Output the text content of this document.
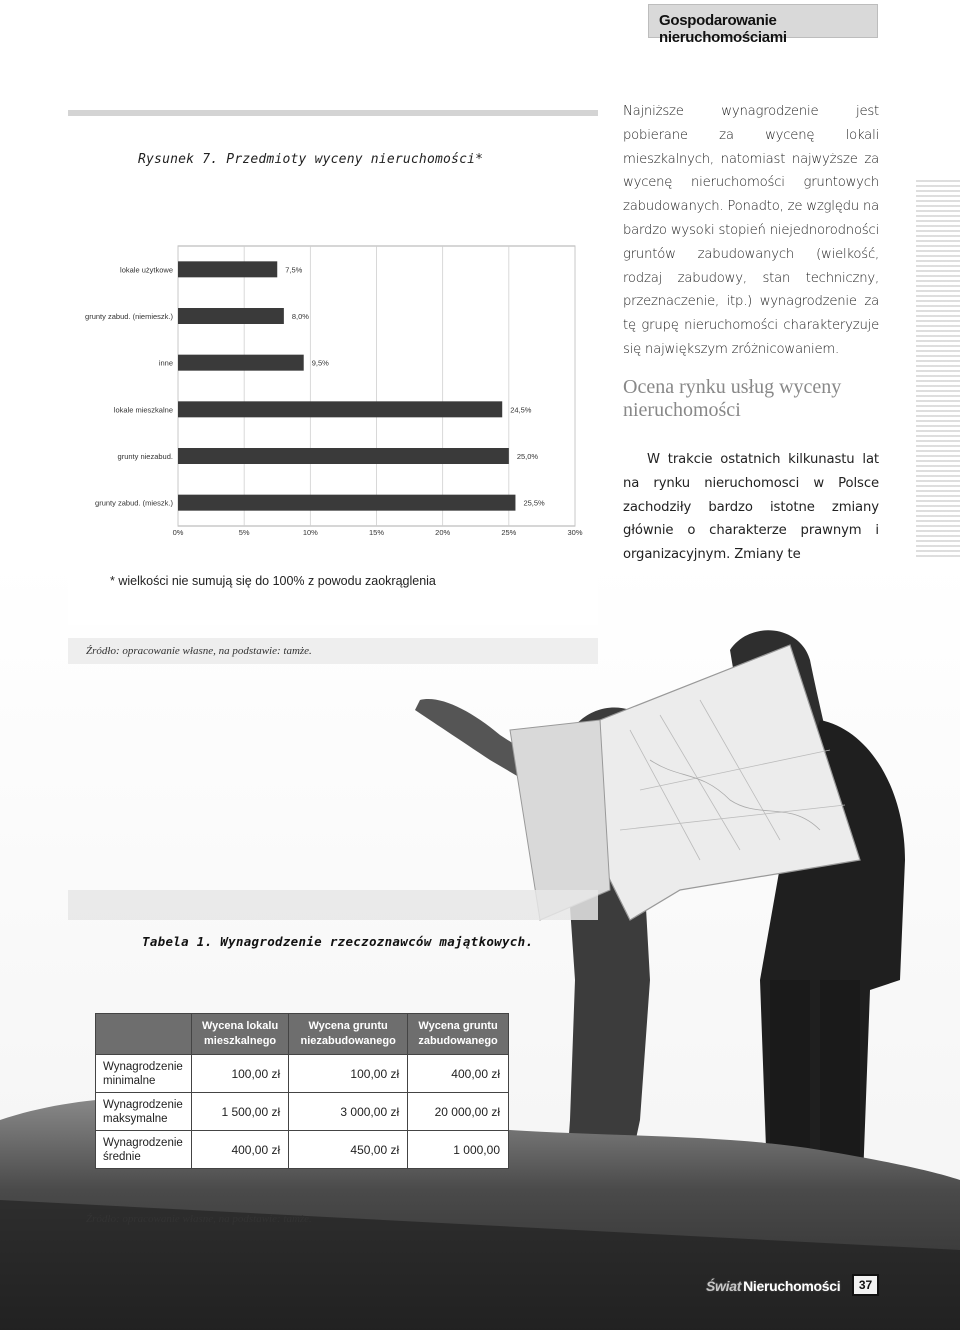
Gospodarowanie nieruchomościami
Rysunek 7. Przedmioty wyceny nieruchomości*
lokale użytkowe
grunty zabud. (niemieszk.)
inne
lokale mieszkalne
grunty niezabud.
grunty zabud. (mieszk.)
7,5%
8,0%
9,5%
24,5%
25,0%
25,5%
0%	5%	10%	15%	20%	25%	30%
* wielkości nie sumują się do 100% z powodu zaokrąglenia
Źródło: opracowanie własne, na podstawie: tamże.
Najniższe wynagrodzenie jest pobierane za wycenę lokali mieszkalnych, natomiast najwyższe za wycenę nieruchomości gruntowych zabudowanych. Ponadto, ze względu na bardzo wysoki stopień niejednorodności gruntów zabudowanych (wielkość, rodzaj zabudowy, stan techniczny, przeznaczenie, itp.) wynagrodzenie za tę grupę nieruchomości charakteryzuje się największym zróżnicowaniem.
Ocena rynku usług wyceny nieruchomości
W trakcie ostatnich kilkunastu lat na rynku nieruchomosci w Polsce zachodziły bardzo istotne zmiany głównie o charakterze prawnym i organizacyjnym. Zmiany te
Tabela 1. Wynagrodzenie rzeczoznawców majątkowych.
	Wycena lokalu
mieszkalnego	Wycena gruntu
niezabudowanego	Wycena gruntu
zabudowanego
Wynagrodzenie
minimalne	100,00 zł	100,00 zł	400,00 zł
Wynagrodzenie
maksymalne	1 500,00 zł	3 000,00 zł	20 000,00 zł
Wynagrodzenie
średnie	400,00 zł	450,00 zł	1 000,00
Źródło: opracowanie własne, na podstawie: tamże.
Świat Nieruchomości	37
